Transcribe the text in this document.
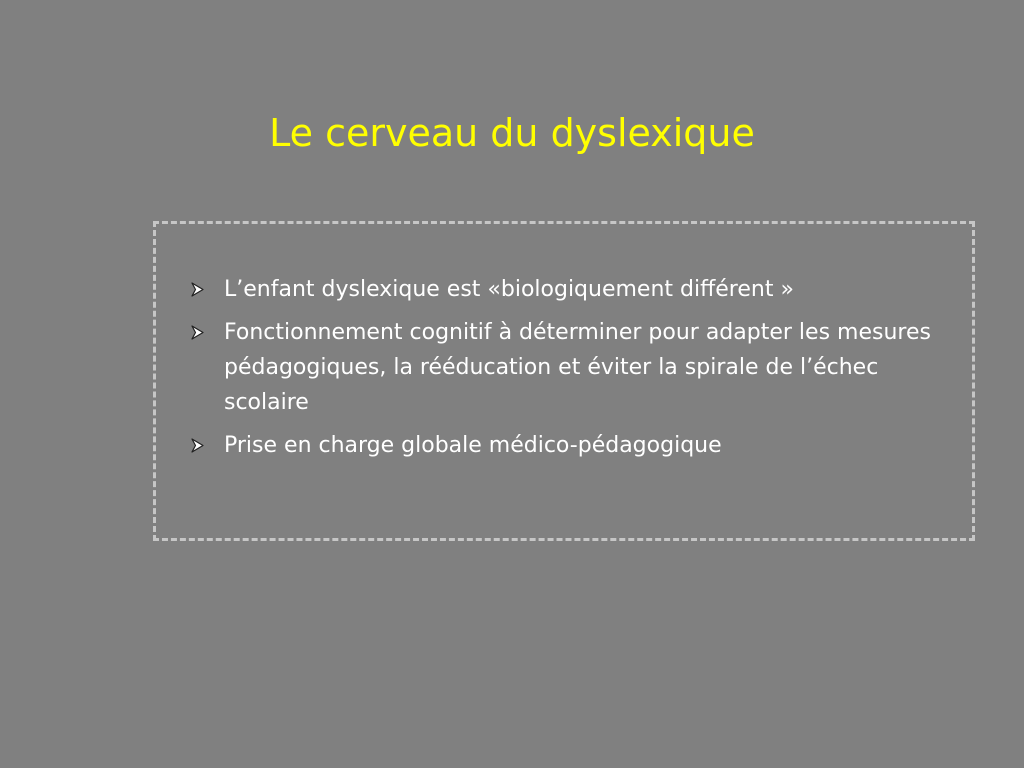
Le cerveau du dyslexique
L’enfant dyslexique est «biologiquement différent »
Fonctionnement cognitif à déterminer pour adapter les mesures pédagogiques, la rééducation et éviter la spirale de l’échec scolaire
Prise en charge globale médico-pédagogique
